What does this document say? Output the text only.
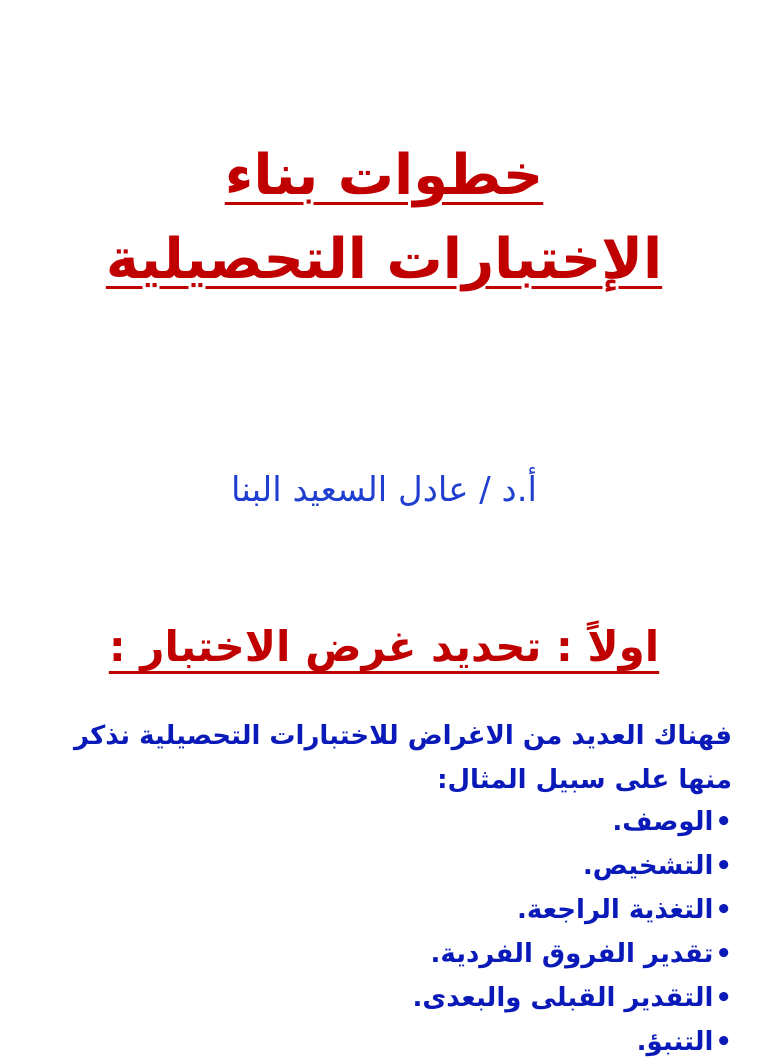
خطوات بناء
الإختبارات التحصيلية
أ.د / عادل السعيد البنا
اولاً : تحديد غرض الاختبار :
فهناك العديد من الاغراض للاختبارات التحصيلية نذكر منها على سبيل المثال:
•الوصف.
•التشخيص.
•التغذية الراجعة.
•تقدير الفروق الفردية.
•التقدير القبلى والبعدى.
•التنبؤ.
